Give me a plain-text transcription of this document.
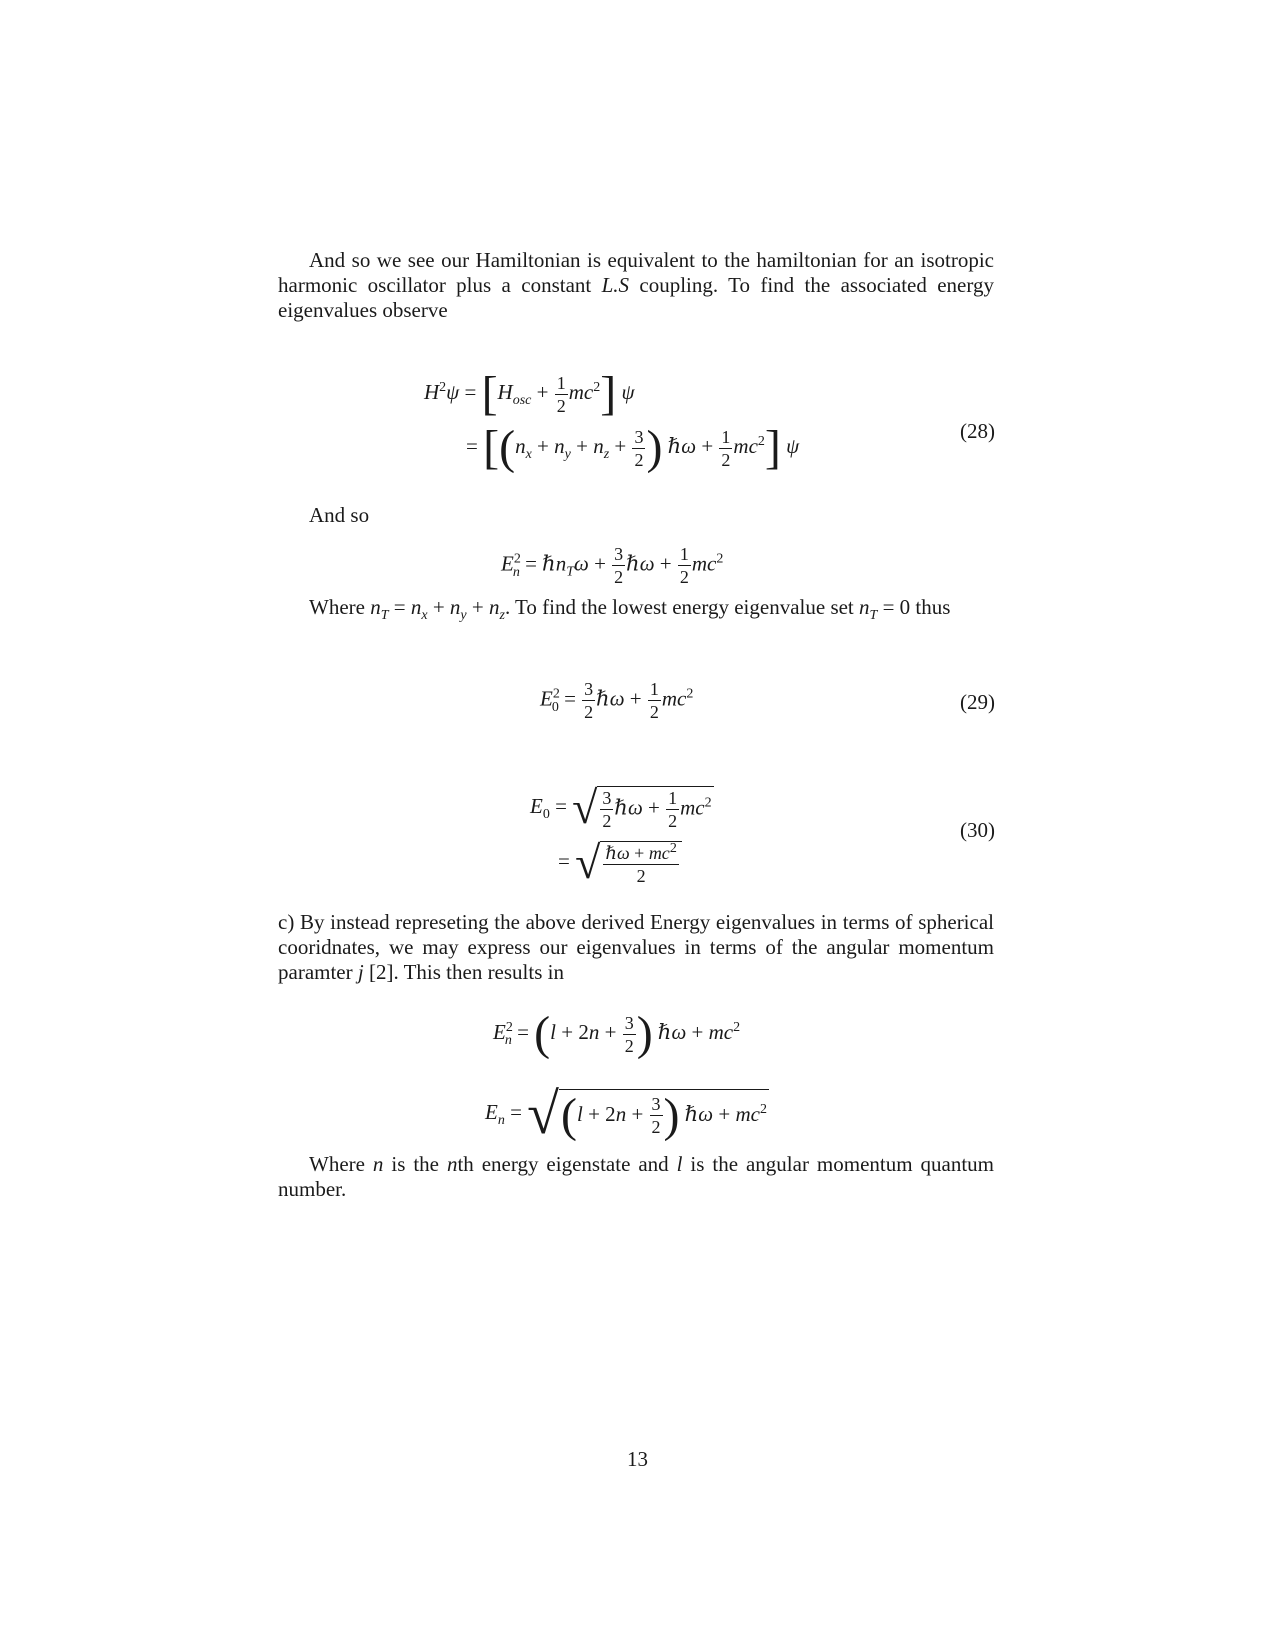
And so we see our Hamiltonian is equivalent to the hamiltonian for an isotropic harmonic oscillator plus a constant L.S coupling. To find the associated energy eigenvalues observe

$H^2\psi = [H_{osc} + \frac{1}{2} mc^2]$ ψ
= [($n_x + n_y + n_z + \frac{3}{2}$ ) ℏω + $\frac{1}{2} mc^2$] ψ
(28)

And so

$E^2_n$ = ℏn$_T$ω + $\frac{3}{2}$ ℏω + $\frac{1}{2} mc^2$

Where $n_T = n_x + n_y + n_z$. To find the lowest energy eigenvalue set $n_T = 0$ thus

$E^2_0 = \frac{3}{2}$ ℏω + $\frac{1}{2} mc^2$	(29)
$E_0$ = √ $\frac{3}{2}$ ℏω + $\frac{1}{2} mc^2$
= √ $\frac{\hbar\omega + mc^2}{2}$
(30)

c) By instead represeting the above derived Energy eigenvalues in terms of spherical cooridnates, we may express our eigenvalues in terms of the angular momentum paramter j [2]. This then results in

$E^2_n = (l + 2n + \frac{3}{2}$ ) ℏω + $mc^2$
$E_n = √(l + 2n + \frac{3}{2}$ ) ℏω + $mc^2$

Where n is the nth energy eigenstate and l is the angular momentum quantum number.

13
